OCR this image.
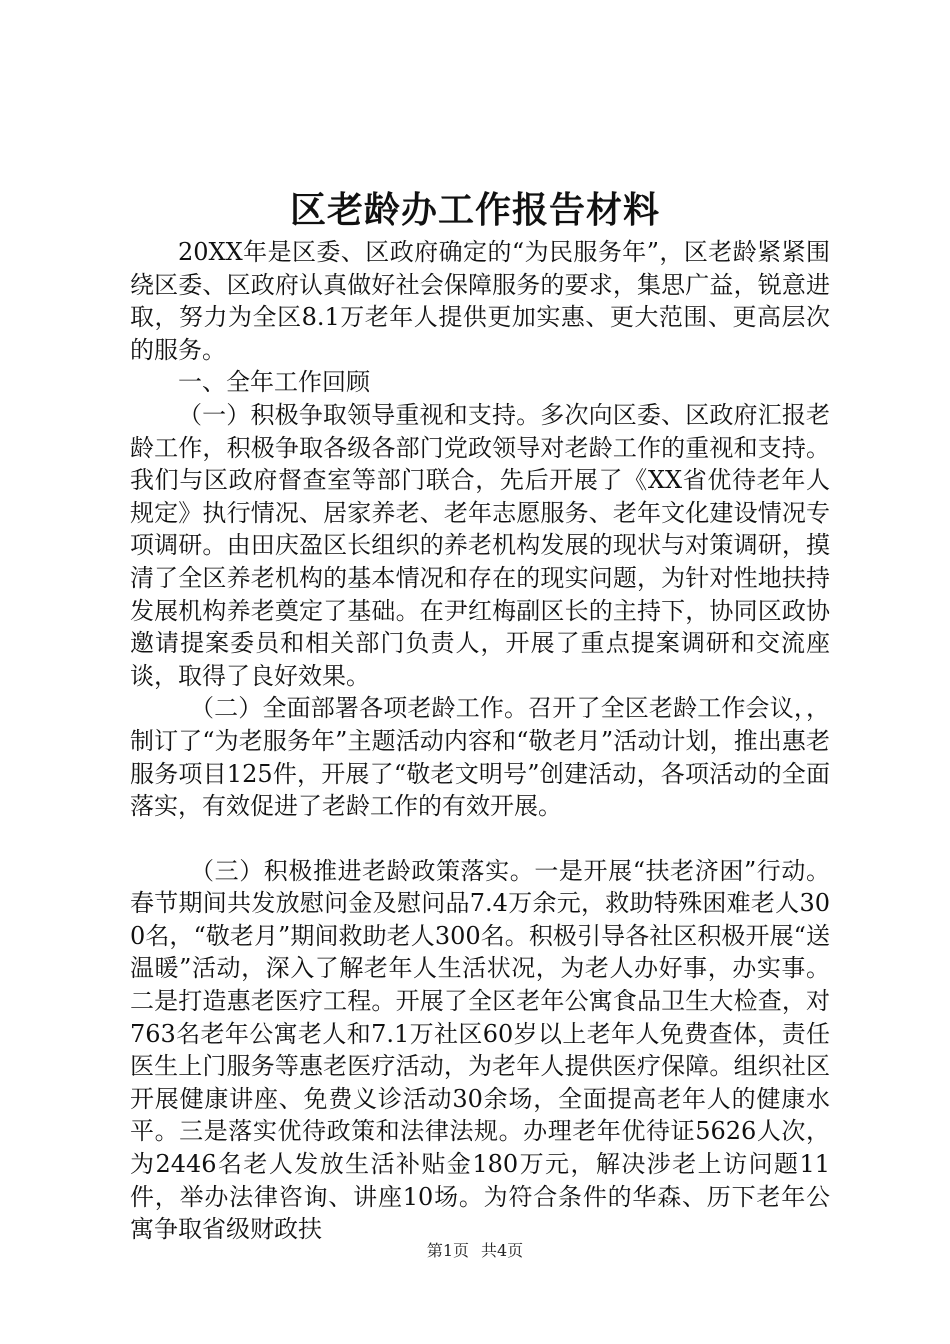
区老龄办工作报告材料

20XX年是区委、区政府确定的“为民服务年”，区老龄紧紧围绕区委、区政府认真做好社会保障服务的要求，集思广益，锐意进取，努力为全区8.1万老年人提供更加实惠、更大范围、更高层次的服务。

一、全年工作回顾

（一）积极争取领导重视和支持。多次向区委、区政府汇报老龄工作，积极争取各级各部门党政领导对老龄工作的重视和支持。我们与区政府督查室等部门联合，先后开展了《XX省优待老年人规定》执行情况、居家养老、老年志愿服务、老年文化建设情况专项调研。由田庆盈区长组织的养老机构发展的现状与对策调研，摸清了全区养老机构的基本情况和存在的现实问题，为针对性地扶持发展机构养老奠定了基础。在尹红梅副区长的主持下，协同区政协邀请提案委员和相关部门负责人，开展了重点提案调研和交流座谈，取得了良好效果。

（二）全面部署各项老龄工作。召开了全区老龄工作会议，，制订了“为老服务年”主题活动内容和“敬老月”活动计划，推出惠老服务项目125件，开展了“敬老文明号”创建活动，各项活动的全面落实，有效促进了老龄工作的有效开展。

（三）积极推进老龄政策落实。一是开展“扶老济困”行动。春节期间共发放慰问金及慰问品7.4万余元，救助特殊困难老人300名，“敬老月”期间救助老人300名。积极引导各社区积极开展“送温暖”活动，深入了解老年人生活状况，为老人办好事，办实事。二是打造惠老医疗工程。开展了全区老年公寓食品卫生大检查，对763名老年公寓老人和7.1万社区60岁以上老年人免费查体，责任医生上门服务等惠老医疗活动，为老年人提供医疗保障。组织社区开展健康讲座、免费义诊活动30余场，全面提高老年人的健康水平。三是落实优待政策和法律法规。办理老年优待证5626人次，为2446名老人发放生活补贴金180万元，解决涉老上访问题11件，举办法律咨询、讲座10场。为符合条件的华森、历下老年公寓争取省级财政扶

第1页 共4页
